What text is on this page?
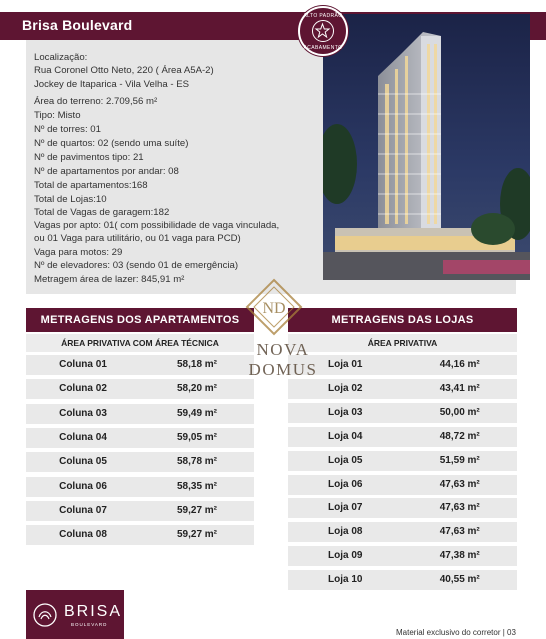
Brisa Boulevard
Localização:
Rua Coronel Otto Neto, 220 ( Área A5A-2)
Jockey de Itaparica - Vila Velha - ES
Área do terreno: 2.709,56 m²
Tipo: Misto
Nº de torres: 01
Nº de quartos: 02 (sendo uma suíte)
Nº de pavimentos tipo: 21
Nº de apartamentos por andar: 08
Total de apartamentos:168
Total de Lojas:10
Total de Vagas de garagem:182
Vagas por apto: 01( com possibilidade de vaga vinculada,
ou 01 Vaga para utilitário, ou 01 vaga para PCD)
Vaga para motos: 29
Nº de elevadores: 03 (sendo 01 de emergência)
Metragem área de lazer: 845,91 m²
ALTO PADRÃO
ACABAMENTO
METRAGENS DOS APARTAMENTOS
ÁREA PRIVATIVA COM ÁREA TÉCNICA
Coluna 01	58,18 m²
Coluna 02	58,20 m²
Coluna 03	59,49 m²
Coluna 04	59,05 m²
Coluna 05	58,78 m²
Coluna 06	58,35 m²
Coluna 07	59,27 m²
Coluna 08	59,27 m²
METRAGENS DAS LOJAS
ÁREA PRIVATIVA
Loja 01	44,16 m²
Loja 02	43,41 m²
Loja 03	50,00 m²
Loja 04	48,72 m²
Loja 05	51,59 m²
Loja 06	47,63 m²
Loja 07	47,63 m²
Loja 08	47,63 m²
Loja 09	47,38 m²
Loja 10	40,55 m²
ND
NOVA DOMUS
BRISA
BOULEVARD
Material exclusivo do corretor | 03
